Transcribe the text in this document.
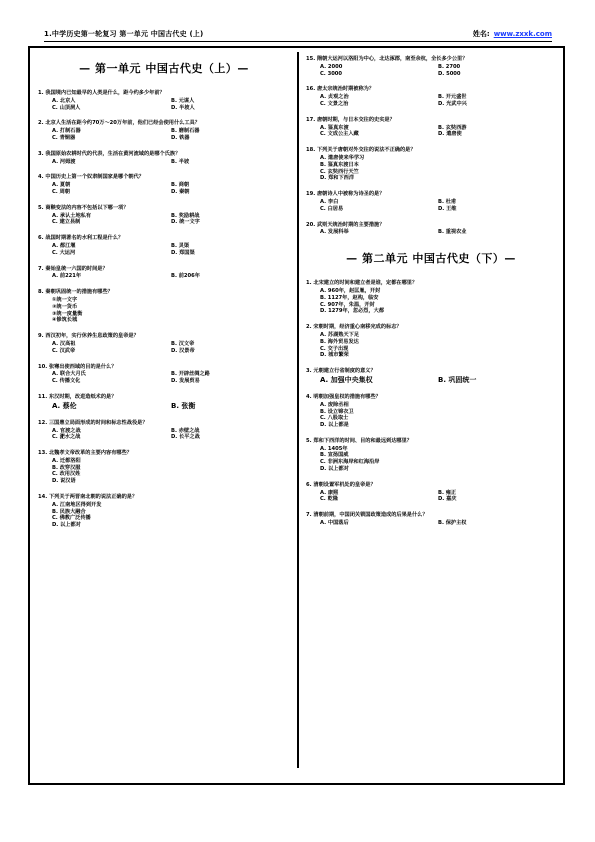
1.中学历史第一轮复习 第一单元 中国古代史 (上)	姓名: www.zxxk.com
— 第一单元 中国古代史（上）—
1. 我国境内已知最早的人类是什么，距今约多少年前？
A. 北京人	B. 元谋人
C. 山顶洞人	D. 半坡人
2. 北京人生活在距今约70万～20万年前，他们已经会使用什么工具？
A. 打制石器	B. 磨制石器
C. 青铜器	D. 铁器
3. 我国原始农耕时代的代表，生活在黄河流域的是哪个氏族？
A. 河姆渡	B. 半坡
4. 中国历史上第一个奴隶制国家是哪个朝代？
A. 夏朝	B. 商朝
C. 周朝	D. 秦朝
5. 商鞅变法的内容不包括以下哪一项？
A. 承认土地私有	B. 奖励耕战
C. 建立县制	D. 统一文字
6. 战国时期著名的水利工程是什么？
A. 都江堰	B. 灵渠
C. 大运河	D. 郑国渠
7. 秦始皇统一六国的时间是？
A. 前221年	B. 前206年
8. 秦朝巩固统一的措施有哪些？
①统一文字
②统一货币
③统一度量衡
④修筑长城
9. 西汉初年，实行休养生息政策的皇帝是？
A. 汉高祖	B. 汉文帝
C. 汉武帝	D. 汉景帝
10. 张骞出使西域的目的是什么？
A. 联合大月氏	B. 开辟丝绸之路
C. 传播文化	D. 发展贸易
11. 东汉时期，改进造纸术的是？
A. 蔡伦	B. 张衡
12. 三国鼎立局面形成的时间和标志性战役是？
A. 官渡之战	B. 赤壁之战
C. 淝水之战	D. 长平之战
13. 北魏孝文帝改革的主要内容有哪些？
A. 迁都洛阳
B. 改穿汉服
C. 改用汉姓
D. 说汉语
14. 下列关于两晋南北朝的说法正确的是？
A. 江南地区得到开发
B. 民族大融合
C. 佛教广泛传播
D. 以上都对
15. 隋朝大运河以洛阳为中心，北达涿郡，南至余杭，全长多少公里？
A. 2000	B. 2700
C. 3000	D. 5000
16. 唐太宗统治时期被称为？
A. 贞观之治	B. 开元盛世
C. 文景之治	D. 光武中兴
17. 唐朝时期，与日本交往的史实是？
A. 鉴真东渡	B. 玄奘西游
C. 文成公主入藏	D. 遣唐使
18. 下列关于唐朝对外交往的说法不正确的是？
A. 遣唐使来华学习
B. 鉴真东渡日本
C. 玄奘西行天竺
D. 郑和下西洋
19. 唐朝诗人中被称为诗圣的是？
A. 李白	B. 杜甫
C. 白居易	D. 王维
20. 武则天统治时期的主要措施？
A. 发展科举	B. 重视农业
— 第二单元 中国古代史（下）—
1. 北宋建立的时间和建立者是谁，定都在哪里？
A. 960年，赵匡胤，开封
B. 1127年，赵构，临安
C. 907年，朱温，开封
D. 1279年，忽必烈，大都
2. 宋朝时期，经济重心南移完成的标志？
A. 苏湖熟天下足
B. 海外贸易发达
C. 交子出现
D. 城市繁荣
3. 元朝建立行省制度的意义？
A. 加强中央集权	B. 巩固统一
4. 明朝加强皇权的措施有哪些？
A. 废除丞相
B. 设立锦衣卫
C. 八股取士
D. 以上都是
5. 郑和下西洋的时间、目的和最远到达哪里？
A. 1405年
B. 宣扬国威
C. 非洲东海岸和红海沿岸
D. 以上都对
6. 清朝设置军机处的皇帝是？
A. 康熙	B. 雍正
C. 乾隆	D. 嘉庆
7. 清朝前期，中国闭关锁国政策造成的后果是什么？
A. 中国落后	B. 保护主权
